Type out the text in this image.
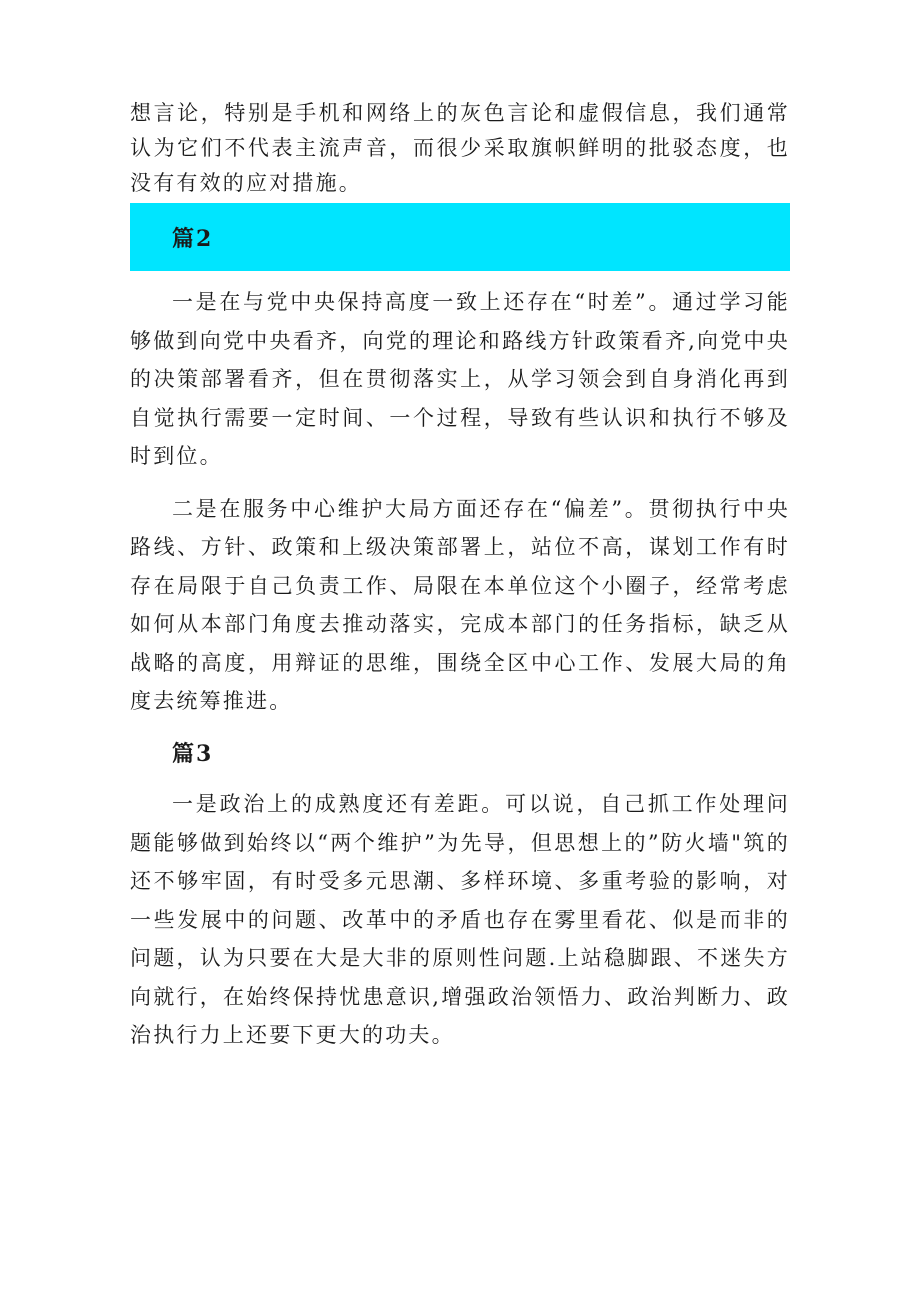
想言论，特别是手机和网络上的灰色言论和虚假信息，我们通常认为它们不代表主流声音，而很少采取旗帜鲜明的批驳态度，也没有有效的应对措施。

篇2

一是在与党中央保持高度一致上还存在“时差”。通过学习能够做到向党中央看齐，向党的理论和路线方针政策看齐,向党中央的决策部署看齐，但在贯彻落实上，从学习领会到自身消化再到自觉执行需要一定时间、一个过程，导致有些认识和执行不够及时到位。

二是在服务中心维护大局方面还存在“偏差”。贯彻执行中央路线、方针、政策和上级决策部署上，站位不高，谋划工作有时存在局限于自己负责工作、局限在本单位这个小圈子，经常考虑如何从本部门角度去推动落实，完成本部门的任务指标，缺乏从战略的高度，用辩证的思维，围绕全区中心工作、发展大局的角度去统筹推进。

篇3

一是政治上的成熟度还有差距。可以说，自己抓工作处理问题能够做到始终以“两个维护”为先导，但思想上的”防火墙"筑的还不够牢固，有时受多元思潮、多样环境、多重考验的影响，对一些发展中的问题、改革中的矛盾也存在雾里看花、似是而非的问题，认为只要在大是大非的原则性问题.上站稳脚跟、不迷失方向就行，在始终保持忧患意识,增强政治领悟力、政治判断力、政治执行力上还要下更大的功夫。
